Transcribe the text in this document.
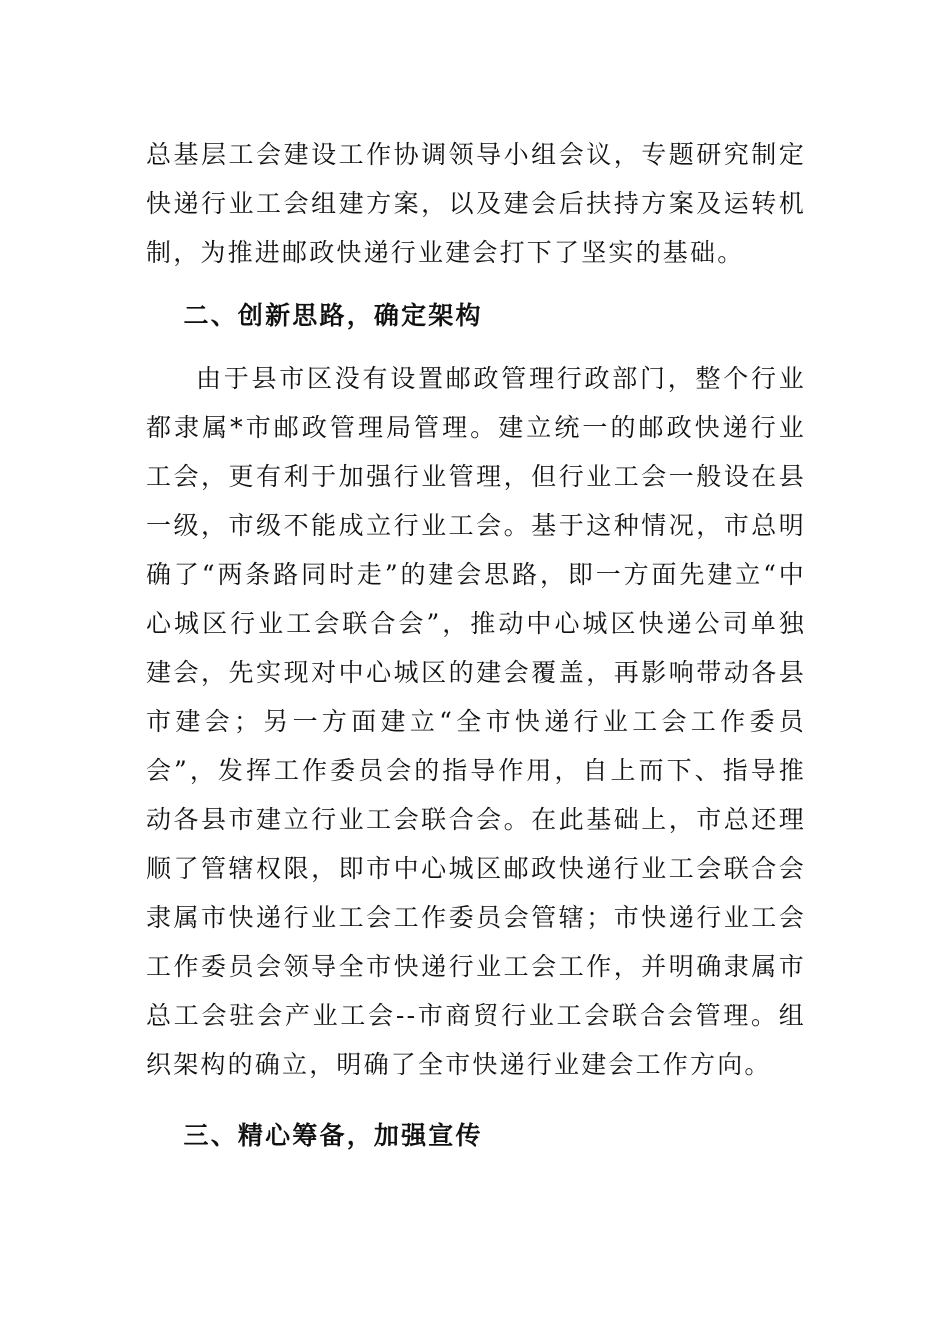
总基层工会建设工作协调领导小组会议，专题研究制定快递行业工会组建方案，以及建会后扶持方案及运转机制，为推进邮政快递行业建会打下了坚实的基础。

二、创新思路，确定架构

由于县市区没有设置邮政管理行政部门，整个行业都隶属*市邮政管理局管理。建立统一的邮政快递行业工会，更有利于加强行业管理，但行业工会一般设在县一级，市级不能成立行业工会。基于这种情况，市总明确了“两条路同时走”的建会思路，即一方面先建立“中心城区行业工会联合会”，推动中心城区快递公司单独建会，先实现对中心城区的建会覆盖，再影响带动各县市建会；另一方面建立“全市快递行业工会工作委员会”，发挥工作委员会的指导作用，自上而下、指导推动各县市建立行业工会联合会。在此基础上，市总还理顺了管辖权限，即市中心城区邮政快递行业工会联合会隶属市快递行业工会工作委员会管辖；市快递行业工会工作委员会领导全市快递行业工会工作，并明确隶属市总工会驻会产业工会--市商贸行业工会联合会管理。组织架构的确立，明确了全市快递行业建会工作方向。

三、精心筹备，加强宣传
